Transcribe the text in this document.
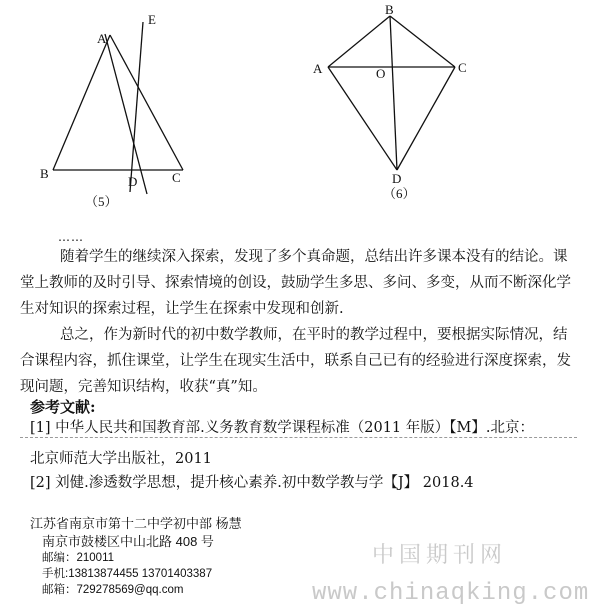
A
E
B
D	C
（5）
B
A	O	C
D
（6）
……
随着学生的继续深入探索，发现了多个真命题，总结出许多课本没有的结论。课堂上教师的及时引导、探索情境的创设，鼓励学生多思、多问、多变，从而不断深化学生对知识的探索过程，让学生在探索中发现和创新.
总之，作为新时代的初中数学教师，在平时的教学过程中，要根据实际情况，结合课程内容，抓住课堂，让学生在现实生活中，联系自己已有的经验进行深度探索，发现问题，完善知识结构，收获“真”知。
参考文献:
[1] 中华人民共和国教育部.义务教育数学课程标准（2011 年版）【M】.北京：
北京师范大学出版社，2011
[2] 刘健.渗透数学思想，提升核心素养.初中数学教与学【J】 2018.4
江苏省南京市第十二中学初中部 杨慧
南京市鼓楼区中山北路 408 号
邮编：210011
手机:13813874455 13701403387
邮箱：729278569@qq.com
中国期刊网
www.chinaqking.com
